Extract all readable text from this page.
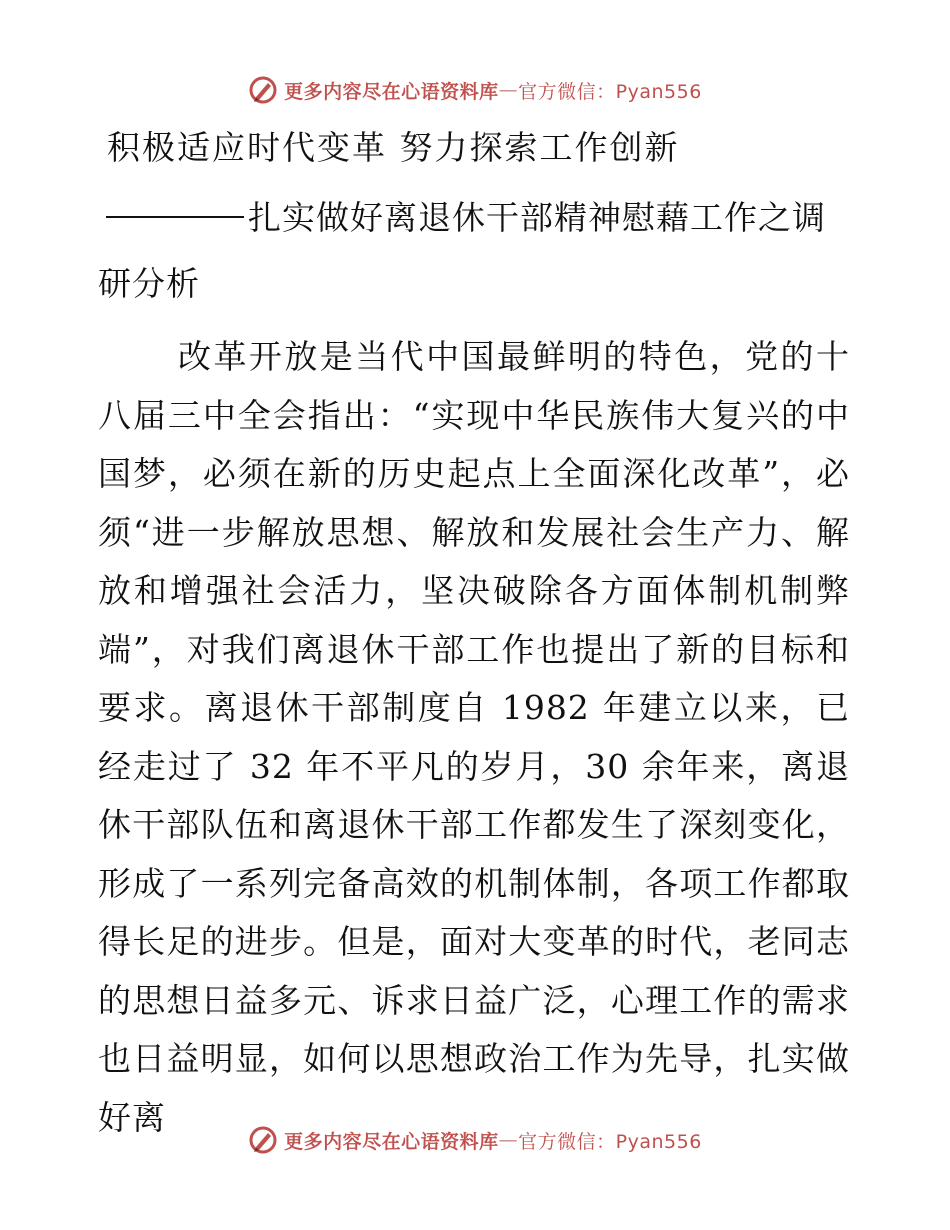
更多内容尽在心语资料库 — 官方微信：Pyan556
积极适应时代变革 努力探索工作创新
扎实做好离退休干部精神慰藉工作之调研分析

改革开放是当代中国最鲜明的特色，党的十八届三中全会指出：“实现中华民族伟大复兴的中国梦，必须在新的历史起点上全面深化改革”，必须“进一步解放思想、解放和发展社会生产力、解放和增强社会活力，坚决破除各方面体制机制弊端”，对我们离退休干部工作也提出了新的目标和要求。离退休干部制度自 1982 年建立以来，已经走过了 32 年不平凡的岁月，30 余年来，离退休干部队伍和离退休干部工作都发生了深刻变化，形成了一系列完备高效的机制体制，各项工作都取得长足的进步。但是，面对大变革的时代，老同志的思想日益多元、诉求日益广泛，心理工作的需求也日益明显，如何以思想政治工作为先导，扎实做好离

更多内容尽在心语资料库 — 官方微信：Pyan556
